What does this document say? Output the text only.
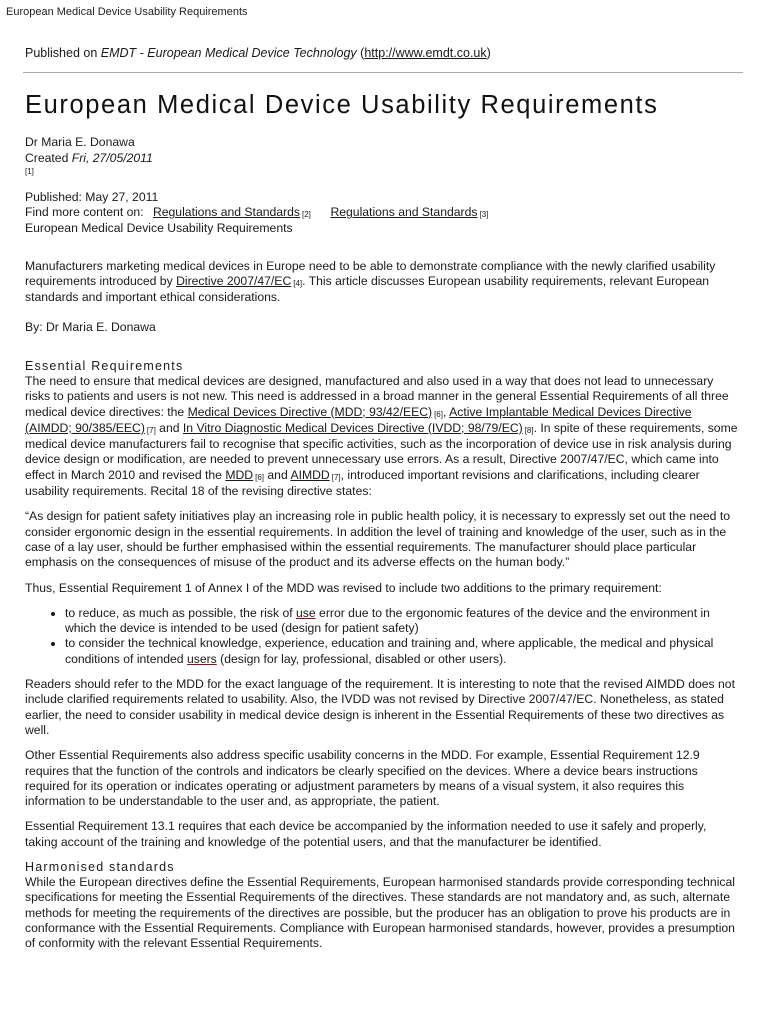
European Medical Device Usability Requirements

Published on EMDT - European Medical Device Technology (http://www.emdt.co.uk)

European Medical Device Usability Requirements
Dr Maria E. Donawa
Created Fri, 27/05/2011
[1]
Published: May 27, 2011
Find more content on: Regulations and Standards [2] Regulations and Standards [3]
European Medical Device Usability Requirements

Manufacturers marketing medical devices in Europe need to be able to demonstrate compliance with the newly clarified usability requirements introduced by Directive 2007/47/EC [4]. This article discusses European usability requirements, relevant European standards and important ethical considerations.

By: Dr Maria E. Donawa

Essential Requirements

The need to ensure that medical devices are designed, manufactured and also used in a way that does not lead to unnecessary risks to patients and users is not new. This need is addressed in a broad manner in the general Essential Requirements of all three medical device directives: the Medical Devices Directive (MDD; 93/42/EEC) [6], Active Implantable Medical Devices Directive (AIMDD; 90/385/EEC) [7] and In Vitro Diagnostic Medical Devices Directive (IVDD; 98/79/EC) [8]. In spite of these requirements, some medical device manufacturers fail to recognise that specific activities, such as the incorporation of device use in risk analysis during device design or modification, are needed to prevent unnecessary use errors. As a result, Directive 2007/47/EC, which came into effect in March 2010 and revised the MDD [6] and AIMDD [7], introduced important revisions and clarifications, including clearer usability requirements. Recital 18 of the revising directive states:

“As design for patient safety initiatives play an increasing role in public health policy, it is necessary to expressly set out the need to consider ergonomic design in the essential requirements. In addition the level of training and knowledge of the user, such as in the case of a lay user, should be further emphasised within the essential requirements. The manufacturer should place particular emphasis on the consequences of misuse of the product and its adverse effects on the human body.”

Thus, Essential Requirement 1 of Annex I of the MDD was revised to include two additions to the primary requirement:

• to reduce, as much as possible, the risk of use error due to the ergonomic features of the device and the environment in which the device is intended to be used (design for patient safety)
• to consider the technical knowledge, experience, education and training and, where applicable, the medical and physical conditions of intended users (design for lay, professional, disabled or other users).

Readers should refer to the MDD for the exact language of the requirement. It is interesting to note that the revised AIMDD does not include clarified requirements related to usability. Also, the IVDD was not revised by Directive 2007/47/EC. Nonetheless, as stated earlier, the need to consider usability in medical device design is inherent in the Essential Requirements of these two directives as well.

Other Essential Requirements also address specific usability concerns in the MDD. For example, Essential Requirement 12.9 requires that the function of the controls and indicators be clearly specified on the devices. Where a device bears instructions required for its operation or indicates operating or adjustment parameters by means of a visual system, it also requires this information to be understandable to the user and, as appropriate, the patient.

Essential Requirement 13.1 requires that each device be accompanied by the information needed to use it safely and properly, taking account of the training and knowledge of the potential users, and that the manufacturer be identified.

Harmonised standards

While the European directives define the Essential Requirements, European harmonised standards provide corresponding technical specifications for meeting the Essential Requirements of the directives. These standards are not mandatory and, as such, alternate methods for meeting the requirements of the directives are possible, but the producer has an obligation to prove his products are in conformance with the Essential Requirements. Compliance with European harmonised standards, however, provides a presumption of conformity with the relevant Essential Requirements.
